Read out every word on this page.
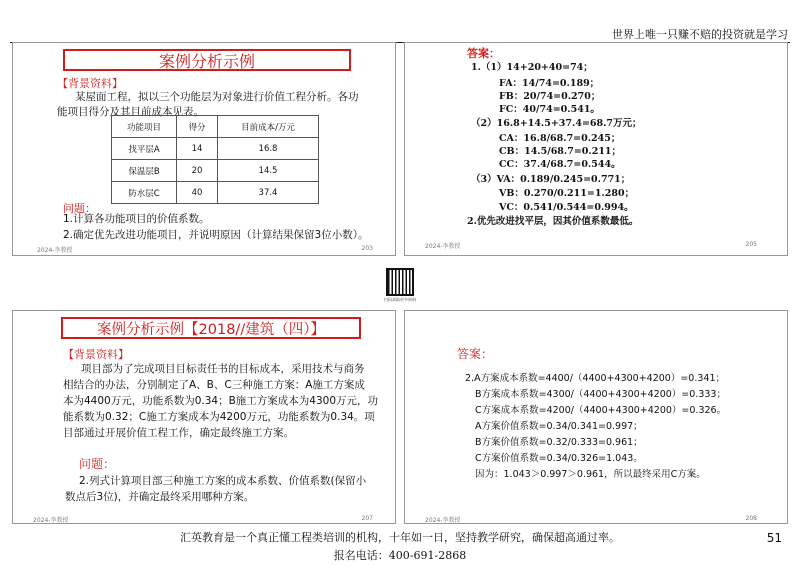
世界上唯一只赚不赔的投资就是学习
案例分析示例
【背景资料】
某屋面工程，拟以三个功能层为对象进行价值工程分析。各功
能项目得分及其目前成本见表。
功能项目	得分	目前成本/万元
找平层A	14	16.8
保温层B	20	14.5
防水层C	40	37.4
问题：
1.计算各功能项目的价值系数。
2.确定优先改进功能项目，并说明原因（计算结果保留3位小数）。
2024-李教授	203
答案：
1.（1）14+20+40=74；
FA：14/74=0.189；
FB：20/74=0.270；
FC：40/74=0.541。
（2）16.8+14.5+37.4=68.7万元；
CA：16.8/68.7=0.245；
CB：14.5/68.7=0.211；
CC：37.4/68.7=0.544。
（3）VA：0.189/0.245=0.771；
VB：0.270/0.211=1.280；
VC：0.541/0.544=0.994。
2.优先改进找平层，因其价值系数最低。
2024-李教授	205
扫码获取更多资料
案例分析示例【2018//建筑（四）】
【背景资料】
项目部为了完成项目目标责任书的目标成本，采用技术与商务
相结合的办法，分别制定了A、B、C三种施工方案：A施工方案成
本为4400万元，功能系数为0.34；B施工方案成本为4300万元，功
能系数为0.32；C施工方案成本为4200万元，功能系数为0.34。项
目部通过开展价值工程工作，确定最终施工方案。
问题：
2.列式计算项目部三种施工方案的成本系数、价值系数(保留小
数点后3位)，并确定最终采用哪种方案。
2024-李教授	207
答案：
2.A方案成本系数=4400/（4400+4300+4200）=0.341；
B方案成本系数=4300/（4400+4300+4200）=0.333；
C方案成本系数=4200/（4400+4300+4200）=0.326。
A方案价值系数=0.34/0.341=0.997；
B方案价值系数=0.32/0.333=0.961；
C方案价值系数=0.34/0.326=1.043。
因为：1.043＞0.997＞0.961，所以最终采用C方案。
2024-李教授	208
汇英教育是一个真正懂工程类培训的机构，十年如一日，坚持教学研究，确保超高通过率。
报名电话：400-691-2868
51
